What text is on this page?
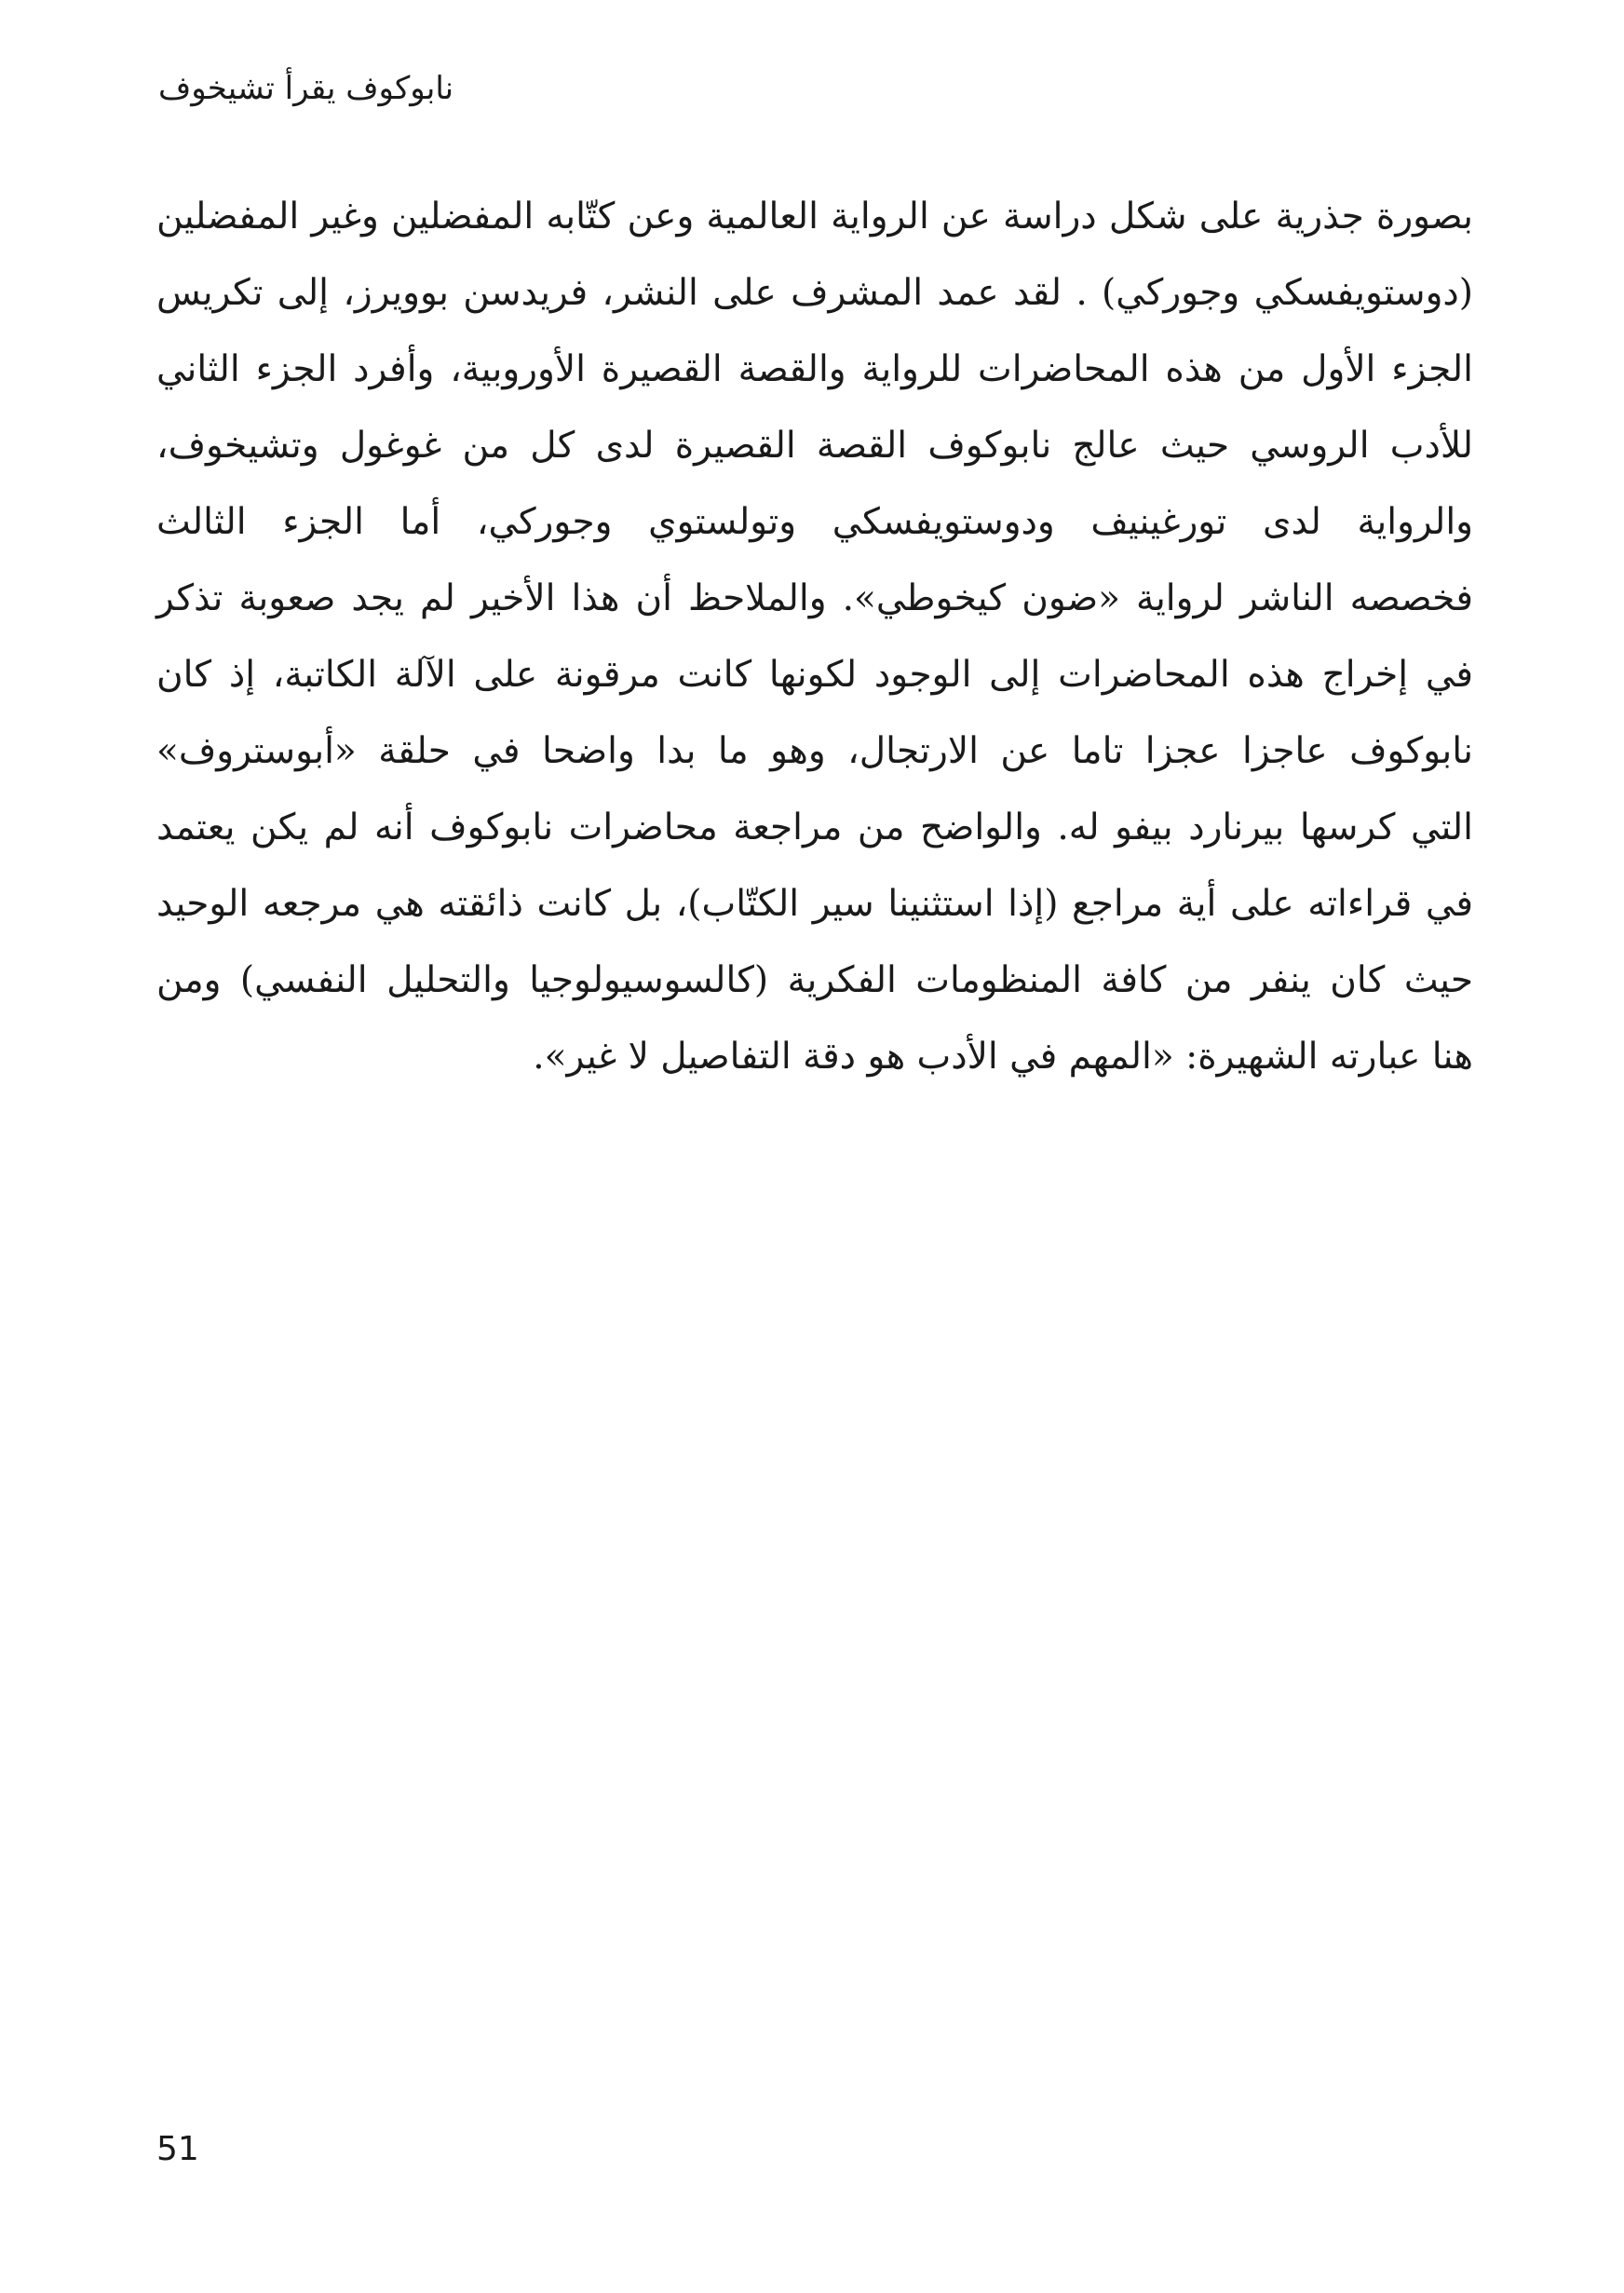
نابوكوف يقرأ تشيخوف
بصورة جذرية على شكل دراسة عن الرواية العالمية وعن كتّابه المفضلين وغير المفضلين
(دوستويفسكي وجوركي) . لقد عمد المشرف على النشر، فريدسن بوويرز، إلى تكريس
الجزء الأول من هذه المحاضرات للرواية والقصة القصيرة الأوروبية، وأفرد الجزء الثاني
للأدب الروسي حيث عالج نابوكوف القصة القصيرة لدى كل من غوغول وتشيخوف،
والرواية لدى تورغينيف ودوستويفسكي وتولستوي وجوركي، أما الجزء الثالث
فخصصه الناشر لرواية «ضون كيخوطي». والملاحظ أن هذا الأخير لم يجد صعوبة تذكر
في إخراج هذه المحاضرات إلى الوجود لكونها كانت مرقونة على الآلة الكاتبة، إذ كان
نابوكوف عاجزا عجزا تاما عن الارتجال، وهو ما بدا واضحا في حلقة «أبوستروف»
التي كرسها بيرنارد بيفو له. والواضح من مراجعة محاضرات نابوكوف أنه لم يكن يعتمد
في قراءاته على أية مراجع (إذا استثنينا سير الكتّاب)، بل كانت ذائقته هي مرجعه الوحيد
حيث كان ينفر من كافة المنظومات الفكرية (كالسوسيولوجيا والتحليل النفسي) ومن
هنا عبارته الشهيرة: «المهم في الأدب هو دقة التفاصيل لا غير».
51
